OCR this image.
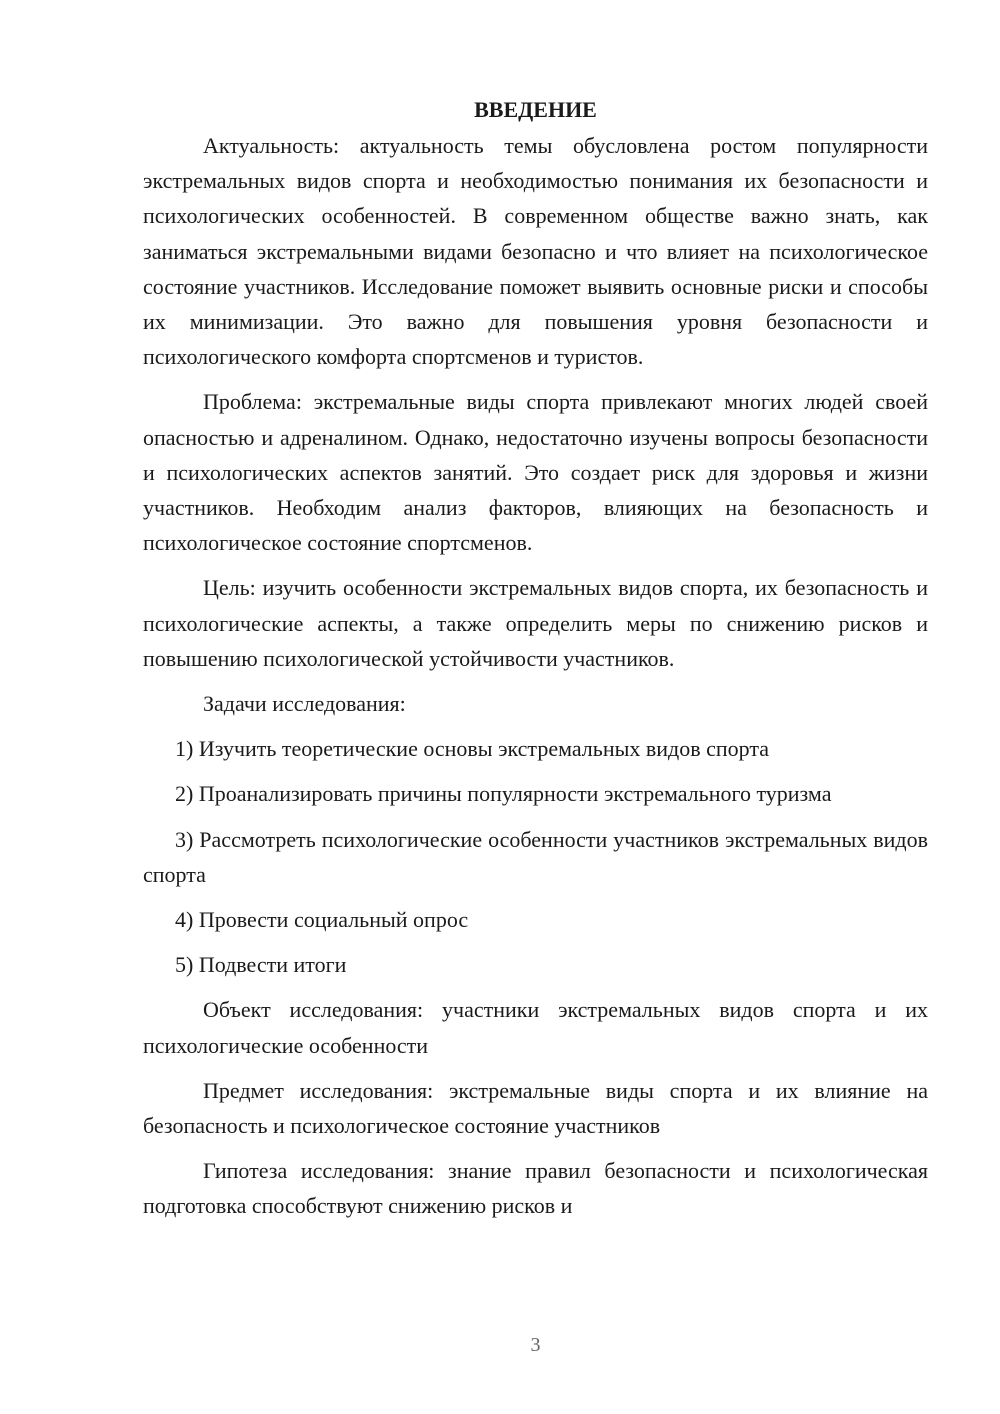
ВВЕДЕНИЕ

Актуальность: актуальность темы обусловлена ростом популярности экстремальных видов спорта и необходимостью понимания их безопасности и психологических особенностей. В современном обществе важно знать, как заниматься экстремальными видами безопасно и что влияет на психологическое состояние участников. Исследование поможет выявить основные риски и способы их минимизации. Это важно для повышения уровня безопасности и психологического комфорта спортсменов и туристов.

Проблема: экстремальные виды спорта привлекают многих людей своей опасностью и адреналином. Однако, недостаточно изучены вопросы безопасности и психологических аспектов занятий. Это создает риск для здоровья и жизни участников. Необходим анализ факторов, влияющих на безопасность и психологическое состояние спортсменов.

Цель: изучить особенности экстремальных видов спорта, их безопасность и психологические аспекты, а также определить меры по снижению рисков и повышению психологической устойчивости участников.

Задачи исследования:

1) Изучить теоретические основы экстремальных видов спорта

2) Проанализировать причины популярности экстремального туризма

3) Рассмотреть психологические особенности участников экстремальных видов спорта

4) Провести социальный опрос

5) Подвести итоги

Объект исследования: участники экстремальных видов спорта и их психологические особенности

Предмет исследования: экстремальные виды спорта и их влияние на безопасность и психологическое состояние участников

Гипотеза исследования: знание правил безопасности и психологическая подготовка способствуют снижению рисков и

3
